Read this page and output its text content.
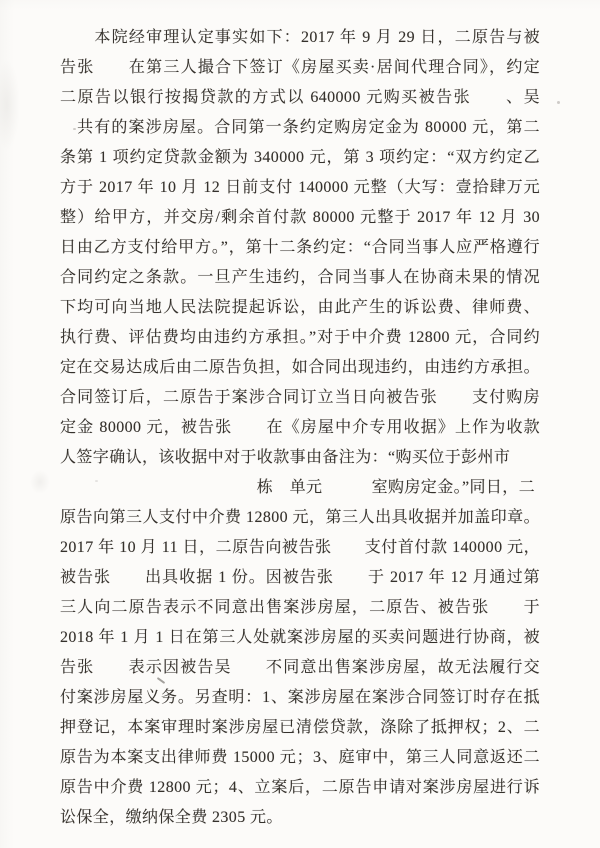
　　本院经审理认定事实如下：2017 年 9 月 29 日，二原告与被
告张　　在第三人撮合下签订《房屋买卖·居间代理合同》，约定
二原告以银行按揭贷款的方式以 640000 元购买被告张　　、吴
　共有的案涉房屋。合同第一条约定购房定金为 80000 元，第二
条第 1 项约定贷款金额为 340000 元，第 3 项约定：“双方约定乙
方于 2017 年 10 月 12 日前支付 140000 元整（大写：壹拾肆万元
整）给甲方，并交房/剩余首付款 80000 元整于 2017 年 12 月 30
日由乙方支付给甲方。”，第十二条约定：“合同当事人应严格遵行
合同约定之条款。一旦产生违约，合同当事人在协商未果的情况
下均可向当地人民法院提起诉讼，由此产生的诉讼费、律师费、
执行费、评估费均由违约方承担。”对于中介费 12800 元，合同约
定在交易达成后由二原告负担，如合同出现违约，由违约方承担。
合同签订后，二原告于案涉合同订立当日向被告张　　支付购房
定金 80000 元，被告张　　在《房屋中介专用收据》上作为收款
人签字确认，该收据中对于收款事由备注为：“购买位于彭州市
　　　　　　　　　　　　栋　单元　　　室购房定金。”同日，二
原告向第三人支付中介费 12800 元，第三人出具收据并加盖印章。
2017 年 10 月 11 日，二原告向被告张　　支付首付款 140000 元，
被告张　　出具收据 1 份。因被告张　　于 2017 年 12 月通过第
三人向二原告表示不同意出售案涉房屋，二原告、被告张　　于
2018 年 1 月 1 日在第三人处就案涉房屋的买卖问题进行协商，被
告张　　表示因被告吴　　不同意出售案涉房屋，故无法履行交
付案涉房屋义务。另查明：1、案涉房屋在案涉合同签订时存在抵
押登记，本案审理时案涉房屋已清偿贷款，涤除了抵押权；2、二
原告为本案支出律师费 15000 元；3、庭审中，第三人同意返还二
原告中介费 12800 元；4、立案后，二原告申请对案涉房屋进行诉
讼保全，缴纳保全费 2305 元。
